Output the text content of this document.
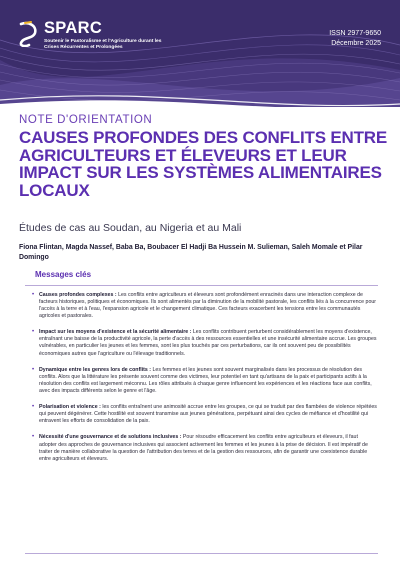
SPARC
Soutenir le Pastoralisme et l'Agriculture durant les Crises Récurrentes et Prolongées
ISSN 2977-9650
Décembre 2025
NOTE D'ORIENTATION
CAUSES PROFONDES DES CONFLITS ENTRE AGRICULTEURS ET ÉLEVEURS ET LEUR IMPACT SUR LES SYSTÈMES ALIMENTAIRES LOCAUX
Études de cas au Soudan, au Nigeria et au Mali
Fiona Flintan, Magda Nassef, Baba Ba, Boubacer El Hadji Ba Hussein M. Sulieman, Saleh Momale et Pilar Domingo
Messages clés
• Causes profondes complexes : Les conflits entre agriculteurs et éleveurs sont profondément enracinés dans une interaction complexe de facteurs historiques, politiques et économiques. Ils sont alimentés par la diminution de la mobilité pastorale, les conflits liés à la concurrence pour l'accès à la terre et à l'eau, l'expansion agricole et le changement climatique. Ces facteurs exacerbent les tensions entre les communautés agricoles et pastorales.
• Impact sur les moyens d'existence et la sécurité alimentaire : Les conflits contribuent perturbent considérablement les moyens d'existence, entraînant une baisse de la productivité agricole, la perte d'accès à des ressources essentielles et une insécurité alimentaire accrue. Les groupes vulnérables, en particulier les jeunes et les femmes, sont les plus touchés par ces perturbations, car ils ont souvent peu de possibilités économiques autres que l'agriculture ou l'élevage traditionnels.
• Dynamique entre les genres lors de conflits : Les femmes et les jeunes sont souvent marginalisés dans les processus de résolution des conflits. Alors que la littérature les présente souvent comme des victimes, leur potentiel en tant qu'artisans de la paix et participants actifs à la résolution des conflits est largement méconnu. Les rôles attribués à chaque genre influencent les expériences et les réactions face aux conflits, avec des impacts différents selon le genre et l'âge.
• Polarisation et violence : les conflits entraînent une animosité accrue entre les groupes, ce qui se traduit par des flambées de violence répétées qui peuvent dégénérer. Cette hostilité est souvent transmise aux jeunes générations, perpétuant ainsi des cycles de méfiance et d'hostilité qui entravent les efforts de consolidation de la paix.
• Nécessité d'une gouvernance et de solutions inclusives : Pour résoudre efficacement les conflits entre agriculteurs et éleveurs, il faut adopter des approches de gouvernance inclusives qui associent activement les femmes et les jeunes à la prise de décision. Il est impératif de traiter de manière collaborative la question de l'attribution des terres et de la gestion des ressources, afin de garantir une coexistence durable entre agriculteurs et éleveurs.
